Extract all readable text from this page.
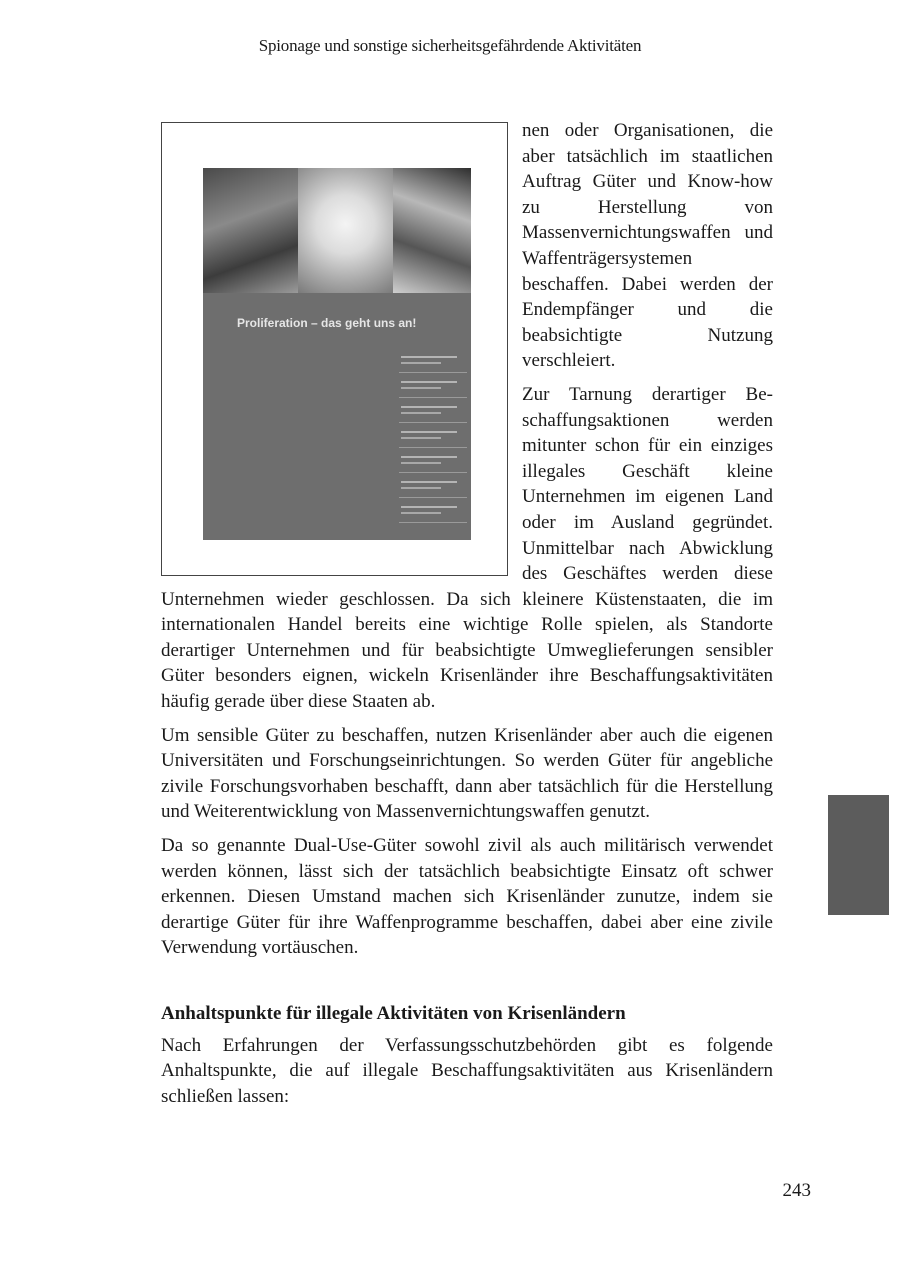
Spionage und sonstige sicherheitsgefährdende Aktivitäten
Proliferation – das geht uns an!

nen oder Organisationen, die aber tatsächlich im staatlichen Auftrag Güter und Know-how zu Herstellung von Massenvernichtungswaffen und Waffenträgersystemen beschaffen. Dabei werden der Endempfänger und die beabsichtigte Nutzung verschleiert.

Zur Tarnung derartiger Beschaffungsaktionen werden mitunter schon für ein einziges illegales Geschäft kleine Unternehmen im eigenen Land oder im Ausland gegründet. Unmittelbar nach Abwicklung des Geschäftes werden diese Unternehmen wieder geschlossen. Da sich kleinere Küstenstaaten, die im internationalen Handel bereits eine wichtige Rolle spielen, als Standorte derartiger Unternehmen und für beabsichtigte Umweglieferungen sensibler Güter besonders eignen, wickeln Krisenländer ihre Beschaffungsaktivitäten häufig gerade über diese Staaten ab.

Um sensible Güter zu beschaffen, nutzen Krisenländer aber auch die eigenen Universitäten und Forschungseinrichtungen. So werden Güter für angebliche zivile Forschungsvorhaben beschafft, dann aber tatsächlich für die Herstellung und Weiterentwicklung von Massenvernichtungswaffen genutzt.

Da so genannte Dual-Use-Güter sowohl zivil als auch militärisch verwendet werden können, lässt sich der tatsächlich beabsichtigte Einsatz oft schwer erkennen. Diesen Umstand machen sich Krisenländer zunutze, indem sie derartige Güter für ihre Waffenprogramme beschaffen, dabei aber eine zivile Verwendung vortäuschen.

Anhaltspunkte für illegale Aktivitäten von Krisenländern

Nach Erfahrungen der Verfassungsschutzbehörden gibt es folgende Anhaltspunkte, die auf illegale Beschaffungsaktivitäten aus Krisenländern schließen lassen:

243
